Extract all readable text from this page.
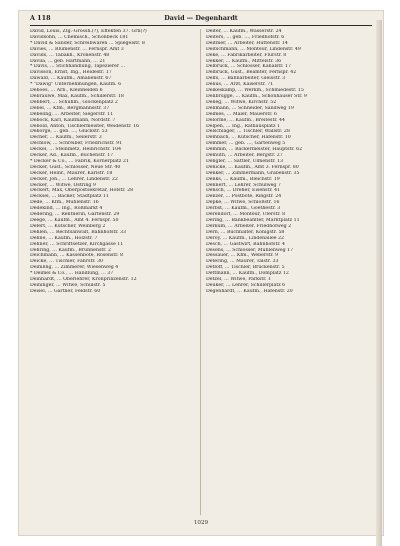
A 118	David — Degenhardt

David, Louis, Ztg.-Grossh.(?), Effekten 37. Grn(?)

Davidsohn, … Chemisch., Schönbeck 181

* David & Sander, Schreibwaren … Spiegelstr. 8

Davies, … Blumenstr. … Fernspr. Amt 3

Davids, … Tabakh., Kronenstr. 48

Dávila, … geb. Hartmann, … 21

* Davis, … Stichhandlung, Tapezierer …

Davisson, Ernst, Ing., Heidestr. 17

Dawald, … Kaufm., Amalienstr. 67

* "Dawig" Unternehmungen, Kaufm. 6

Deboes, … Arb., Kleinheiden 6

Debrauwe, Max, Kaufm., Schillerstr. 18

Debbert, … Schuhm., Glockenplatz 2

Debel, … Kfm., Bergmannsstr. 37

Debeling, … Arbeiter, Siegerstr. 11

Debock, Karl, Kaufmann, Nordstr. 7

Debold, Anton, Tischlermeister, Weidenstr. 16

Deborge, … geb. …, Glückstr. 53

Decher, … Kaufm., Seilerstr. 3

Dechlow, … Schreiber, Friedrichstr. 91

Deckel, … Steinmetz, Heinrichstr. 104

Decker, Ad., Kaufm., Buchenstr. 17

* Decker & Co., … Fabrik, Körnerplatz 21

Decker, Gust., Schlosser, Neue Str. 40

Decker, Heinr., Maurer, Karlstr. 18

Decker, Joh., … Lehrer, Lindenstr. 22

Decker, … Witwe, Ostring 9

Deckert, Max, Oberpostsekretär, Hofstr. 28

Decksel, … Bäcker, Stadtplatz 11

Dede, … Kfm., Mühlenstr. 16

Dedekind, … Ing., Roßmarkt 4

Dedering, … Rentnerin, Gartenstr. 29

Deege, … Kaufm., Amt 4. Fernspr. 50

Defert, … Kutscher, Weinberg 2

Dehlen, … Rechtsanwalt, Bahnhofstr. 33

Dehne, … Kaufm., Holzstr. 7

Dehner, … Schriftsetzer, Kirchgasse 11

Dehring, … Kaufm., Brunnenstr. 2

Deichmann, … Kassenbote, Rosenstr. 8

Deicke, … Tischler, Fährstr. 30

Deimling, … Zimmerer, Wiesenweg 4

* Deimel & Co., … Handlung, … 37

Deinhardt, … Oberlehrer, Kronprinzenstr. 12

Deininger, … Witwe, Schulstr. 5

Deisel, … Gärtner, Feldstr. 60

Deiter, … Kaufm., Wasserstr. 24

Deiters, … geb. …, Friedhofstr. 6

Deitmer, … Arbeiter, Hüttenstr. 14

Deitschmann, … Monteur, Lindenstr. 49

Deke, … Fabrikarbeiter, Flurstr. 8

Dekker, … Kaufm., Mittelstr. 36

Delbrück, … Schlosser, Kanalstr. 17

Delbrück, Gust., Beamter, Fernspr. 42

Delfs, … Bahnarbeiter, Gleisstr. 3

Delius, … Arzt, Kaiserstr. 71

Delkeskamp, … Werkm., Schmiedestr. 15

Dellbrügge, … Kaufm., Schönhauser Str. 9

Delleg, … Witwe, Kirchstr. 52

Dellmann, … Schneider, Sandweg 19

Delmes, … Maler, Mauerstr. 6

Delorme, … Kaufm., Breitestr. 44

Delpen, … Ing., Rathausplatz 1

Delschläger, … Tischler, Wallstr. 28

Dembach, … Kutscher, Hafenstr. 10

Demmer, … geb. …, Gartenweg 5

Demmin, … Bäckermeister, Hauptstr. 62

Demuth, … Arbeiter, Bergstr. 27

Dengler, … Sattler, Ulmenstr. 13

Denicke, … Kaufm., Amt 3. Fernspr. 80

Denker, … Zimmermann, Grabenstr. 35

Denks, … Kaufm., Bleichstr. 19

Dennert, … Lehrer, Schulweg 7

Densch, … Dreher, Eisenstr. 41

Denzer, … Postbote, Ringstr. 24

Depke, … Witwe, Schloßstr. 16

Derbst, … Kaufm., Goethestr. 3

Derendorf, … Monteur, Uferstr. 8

Dering, … Bankbeamter, Marktplatz 11

Derkum, … Arbeiter, Friedhofweg 2

Dern, … Buchhalter, Königstr. 58

Deroy, … Kaufm., Lindenallee 22

Desch, … Gastwirt, Bahnhofstr. 4

Desens, … Schlosser, Mühlenweg 17

Dessauer, … Kfm., Weberstr. 9

Detering, … Maurer, Talstr. 33

Detloff, … Tischler, Brückenstr. 5

Dettmann, … Kaufm., Domplatz 12

Detzel, … Witwe, Parkstr. 1

Deuker, … Lehrer, Schillerplatz 6

Degenhardt, … Kaufm., Hafenstr. 20

1029
